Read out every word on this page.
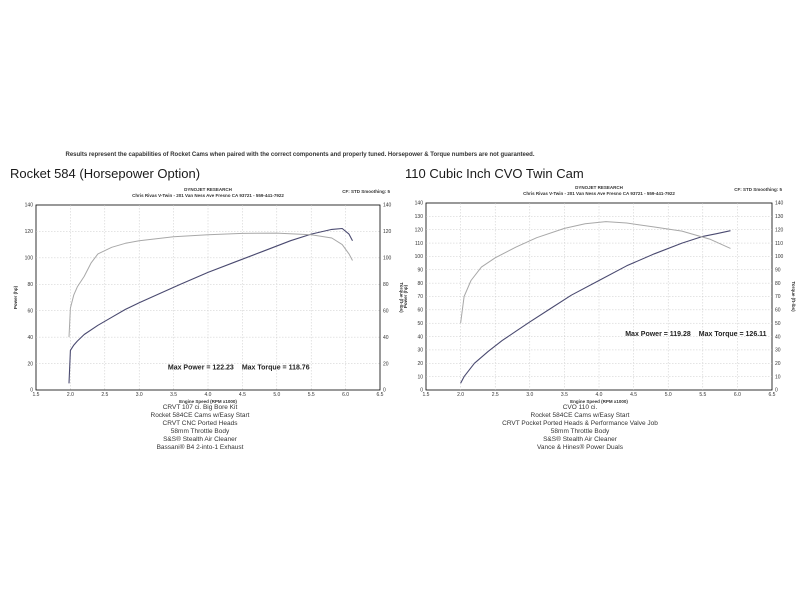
Results represent the capabilities of Rocket Cams when paired with the correct components and properly tuned. Horsepower & Torque numbers are not guaranteed.
Rocket 584 (Horsepower Option)	110 Cubic Inch CVO Twin Cam
DYNOJET RESEARCH
Chris Rivas V-Twin - 201 Van Ness Ave Fresno CA 93721 - 559-441-7922
CF: STD Smoothing: 5
1.5	2.0	2.5	3.0	3.5	4.0	4.5	5.0	5.5	6.0	6.5
0	0
20	20
40	40
60	60
80	80
100	100
120	120
140	140
Engine Speed (RPM x1000)
Power (hp)	Torque (ft-lbs)
Max Power = 122.23 Max Torque = 118.76
DYNOJET RESEARCH
Chris Rivas V-Twin - 201 Van Ness Ave Fresno CA 93721 - 559-441-7922
CF: STD Smoothing: 5
1.5	2.0	2.5	3.0	3.5	4.0	4.5	5.0	5.5	6.0	6.5
0	0
10	10
20	20
30	30
40	40
50	50
60	60
70	70
80	80
90	90
100	100
110	110
120	120
130	130
140	140
Engine Speed (RPM x1000)
Power (hp)	Torque (ft-lbs)
Max Power = 119.28 Max Torque = 126.11
CRVT 107 ci. Big Bore Kit
Rocket 584CE Cams w/Easy Start
CRVT CNC Ported Heads
58mm Throttle Body
S&S® Stealth Air Cleaner
Bassani® B4 2-into-1 Exhaust
CVO 110 ci.
Rocket 584CE Cams w/Easy Start
CRVT Pocket Ported Heads & Performance Valve Job
58mm Throttle Body
S&S® Stealth Air Cleaner
Vance & Hines® Power Duals
